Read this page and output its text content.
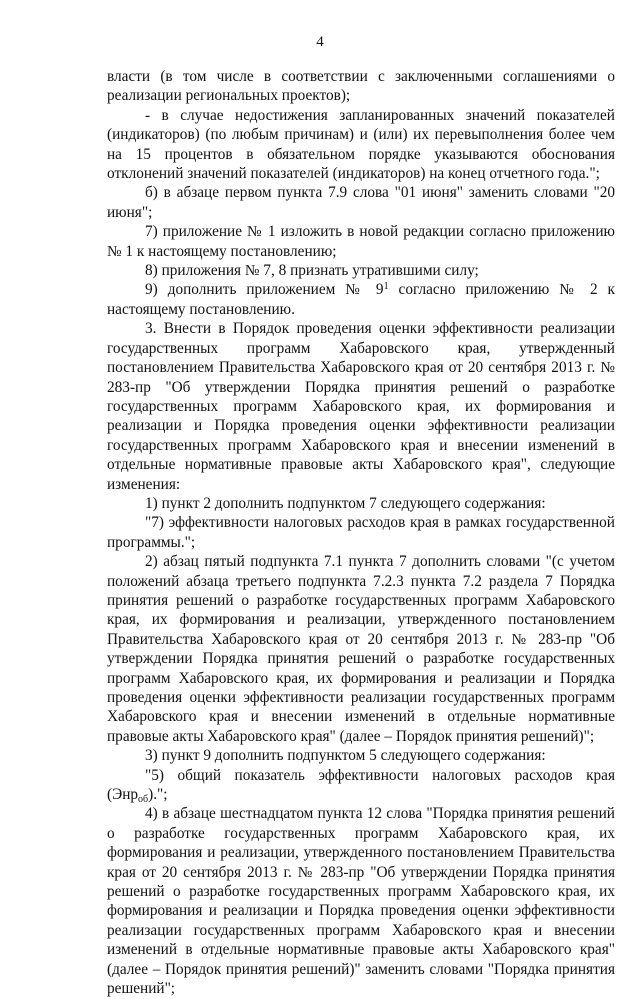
4

власти (в том числе в соответствии с заключенными соглашениями о реализации региональных проектов);

- в случае недостижения запланированных значений показателей (индикаторов) (по любым причинам) и (или) их перевыполнения более чем на 15 процентов в обязательном порядке указываются обоснования отклонений значений показателей (индикаторов) на конец отчетного года.";

б) в абзаце первом пункта 7.9 слова "01 июня" заменить словами "20 июня";

7) приложение № 1 изложить в новой редакции согласно приложению № 1 к настоящему постановлению;

8) приложения № 7, 8 признать утратившими силу;

9) дополнить приложением № $9^1$ согласно приложению № 2 к настоящему постановлению.

3. Внести в Порядок проведения оценки эффективности реализации государственных программ Хабаровского края, утвержденный постановлением Правительства Хабаровского края от 20 сентября 2013 г. № 283-пр "Об утверждении Порядка принятия решений о разработке государственных программ Хабаровского края, их формирования и реализации и Порядка проведения оценки эффективности реализации государственных программ Хабаровского края и внесении изменений в отдельные нормативные правовые акты Хабаровского края", следующие изменения:

1) пункт 2 дополнить подпунктом 7 следующего содержания:

"7) эффективности налоговых расходов края в рамках государственной программы.";

2) абзац пятый подпункта 7.1 пункта 7 дополнить словами "(с учетом положений абзаца третьего подпункта 7.2.3 пункта 7.2 раздела 7 Порядка принятия решений о разработке государственных программ Хабаровского края, их формирования и реализации, утвержденного постановлением Правительства Хабаровского края от 20 сентября 2013 г. № 283-пр "Об утверждении Порядка принятия решений о разработке государственных программ Хабаровского края, их формирования и реализации и Порядка проведения оценки эффективности реализации государственных программ Хабаровского края и внесении изменений в отдельные нормативные правовые акты Хабаровского края" (далее – Порядок принятия решений)";

3) пункт 9 дополнить подпунктом 5 следующего содержания:

"5) общий показатель эффективности налоговых расходов края (Энр$_{об}$).";

4) в абзаце шестнадцатом пункта 12 слова "Порядка принятия решений о разработке государственных программ Хабаровского края, их формирования и реализации, утвержденного постановлением Правительства края от 20 сентября 2013 г. № 283-пр "Об утверждении Порядка принятия решений о разработке государственных программ Хабаровского края, их формирования и реализации и Порядка проведения оценки эффективности реализации государственных программ Хабаровского края и внесении изменений в отдельные нормативные правовые акты Хабаровского края" (далее – Порядок принятия решений)" заменить словами "Порядка принятия решений";
